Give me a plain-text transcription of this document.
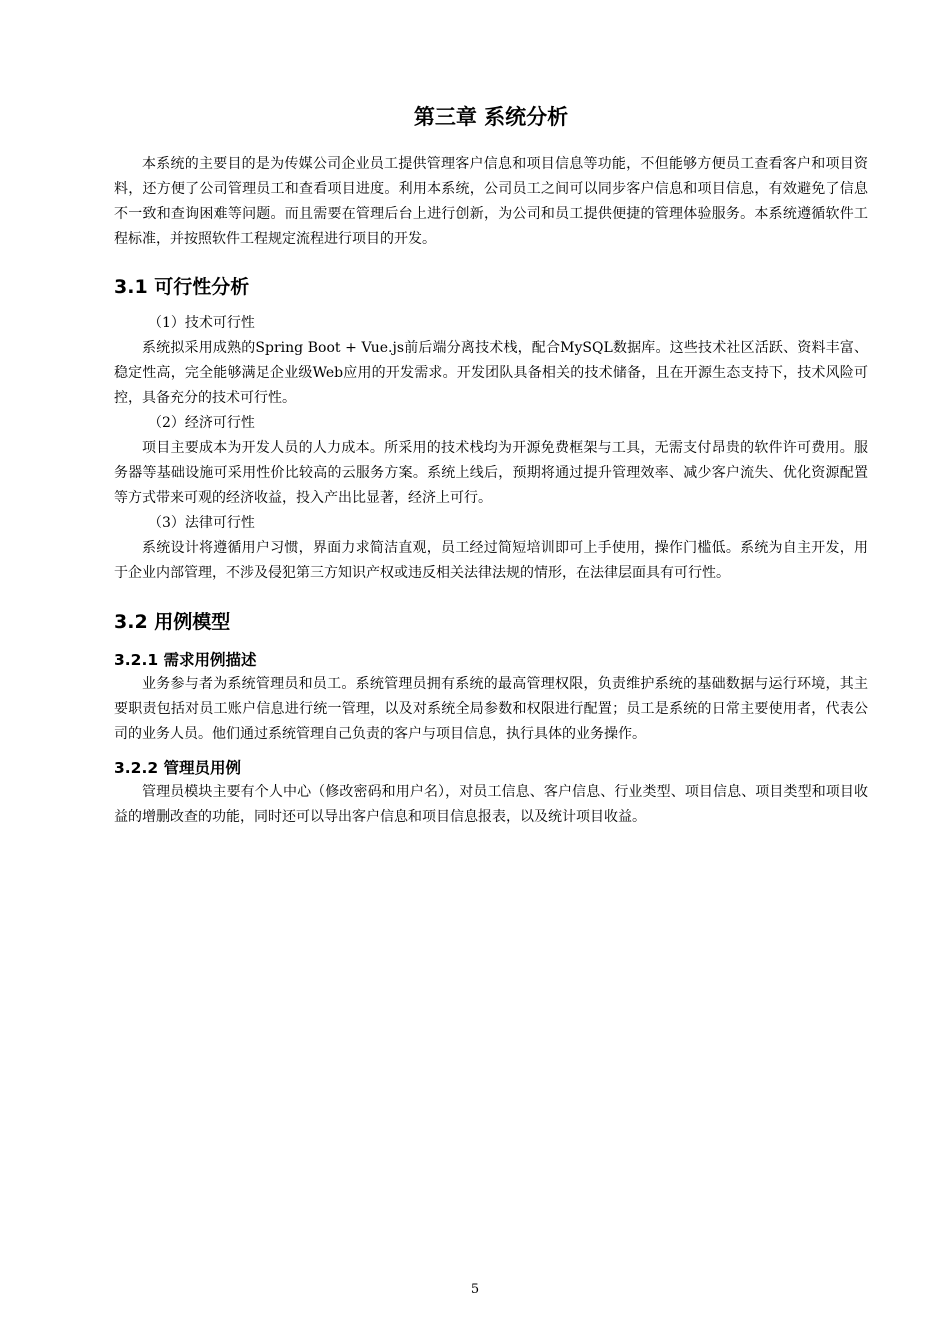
第三章 系统分析

本系统的主要目的是为传媒公司企业员工提供管理客户信息和项目信息等功能，不但能够方便员工查看客户和项目资料，还方便了公司管理员工和查看项目进度。利用本系统，公司员工之间可以同步客户信息和项目信息，有效避免了信息不一致和查询困难等问题。而且需要在管理后台上进行创新，为公司和员工提供便捷的管理体验服务。本系统遵循软件工程标准，并按照软件工程规定流程进行项目的开发。

3.1 可行性分析

（1）技术可行性

系统拟采用成熟的Spring Boot + Vue.js前后端分离技术栈，配合MySQL数据库。这些技术社区活跃、资料丰富、稳定性高，完全能够满足企业级Web应用的开发需求。开发团队具备相关的技术储备，且在开源生态支持下，技术风险可控，具备充分的技术可行性。

（2）经济可行性

项目主要成本为开发人员的人力成本。所采用的技术栈均为开源免费框架与工具，无需支付昂贵的软件许可费用。服务器等基础设施可采用性价比较高的云服务方案。系统上线后，预期将通过提升管理效率、减少客户流失、优化资源配置等方式带来可观的经济收益，投入产出比显著，经济上可行。

（3）法律可行性

系统设计将遵循用户习惯，界面力求简洁直观，员工经过简短培训即可上手使用，操作门槛低。系统为自主开发，用于企业内部管理，不涉及侵犯第三方知识产权或违反相关法律法规的情形，在法律层面具有可行性。

3.2 用例模型
3.2.1 需求用例描述

业务参与者为系统管理员和员工。系统管理员拥有系统的最高管理权限，负责维护系统的基础数据与运行环境，其主要职责包括对员工账户信息进行统一管理，以及对系统全局参数和权限进行配置；员工是系统的日常主要使用者，代表公司的业务人员。他们通过系统管理自己负责的客户与项目信息，执行具体的业务操作。

3.2.2 管理员用例

管理员模块主要有个人中心（修改密码和用户名），对员工信息、客户信息、行业类型、项目信息、项目类型和项目收益的增删改查的功能，同时还可以导出客户信息和项目信息报表，以及统计项目收益。

5
